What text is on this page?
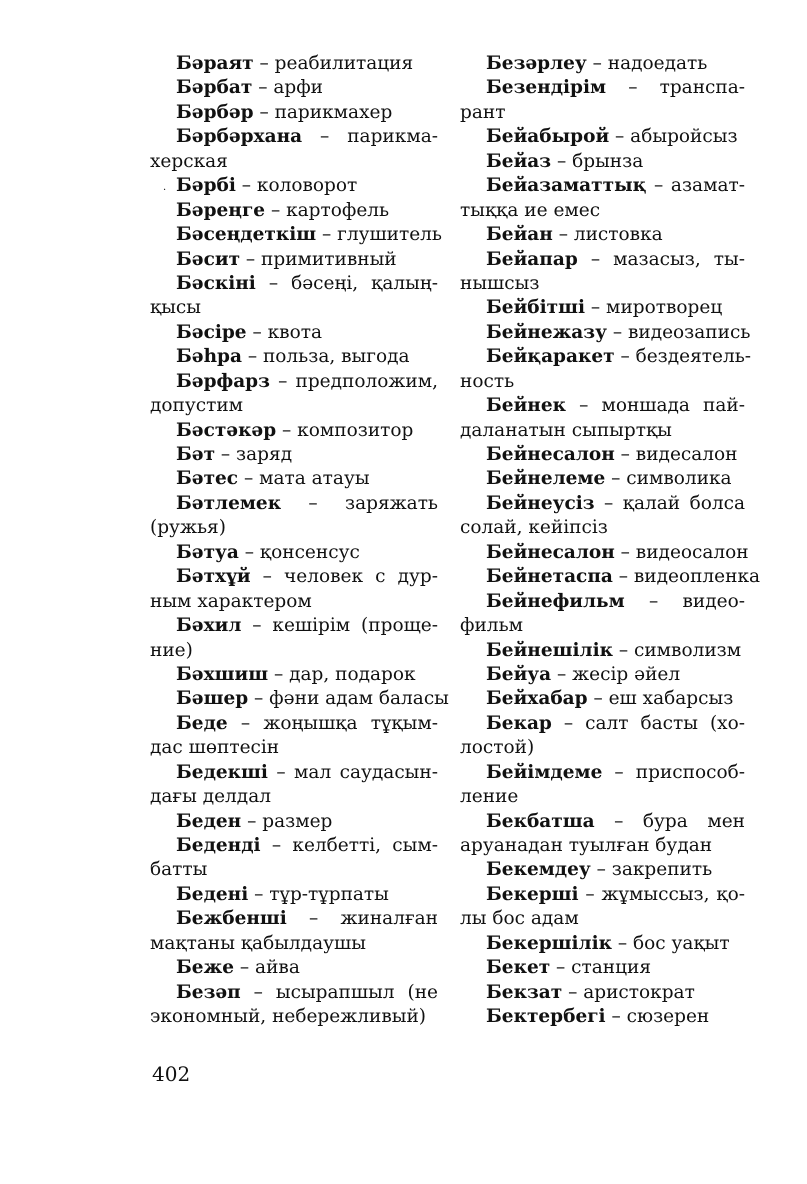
Бәраят – реабилитация
Бәрбат – арфи
Бәрбәр – парикмахер
Бәрбәрхана – парикма-
херская
Бәрбі – коловорот
Бәреңге – картофель
Бәсеңдеткіш – глушитель
Бәсит – примитивный
Бәскіні – бәсеңі, қалың-
қысы
Бәсіре – квота
Бәһра – польза, выгода
Бәрфарз – предположим,
допустим
Бәстәкәр – композитор
Бәт – заряд
Бәтес – мата атауы
Бәтлемек – заряжать
(ружья)
Бәтуа – қонсенсус
Бәтхұй – человек с дур-
ным характером
Бәхил – кешірім (проще-
ние)
Бәхшиш – дар, подарок
Бәшер – фәни адам баласы
Беде – жоңышқа тұқым-
дас шөптесін
Бедекші – мал саудасын-
дағы делдал
Беден – размер
Беденді – келбетті, сым-
батты
Бедені – тұр-тұрпаты
Бежбенші – жиналған
мақтаны қабылдаушы
Беже – айва
Безәп – ысырапшыл (не
экономный, небережливый)
Безәрлеу – надоедать
Безендірім – транспа-
рант
Бейабырой – абыройсыз
Бейаз – брынза
Бейазаматтық – азамат-
тыққа ие емес
Бейан – листовка
Бейапар – мазасыз, ты-
нышсыз
Бейбітші – миротворец
Бейнежазу – видеозапись
Бейқаракет – бездеятель-
ность
Бейнек – моншада пай-
даланатын сыпыртқы
Бейнесалон – видесалон
Бейнелеме – символика
Бейнеусіз – қалай болса
солай, кейіпсіз
Бейнесалон – видеосалон
Бейнетаспа – видеопленка
Бейнефильм – видео-
фильм
Бейнешілік – символизм
Бейуа – жесір әйел
Бейхабар – еш хабарсыз
Бекар – салт басты (хо-
лостой)
Бейімдеме – приспособ-
ление
Бекбатша – бура мен
аруанадан туылған будан
Бекемдеу – закрепить
Бекерші – жұмыссыз, қо-
лы бос адам
Бекершілік – бос уақыт
Бекет – станция
Бекзат – аристократ
Бектербегі – сюзерен
·
402
